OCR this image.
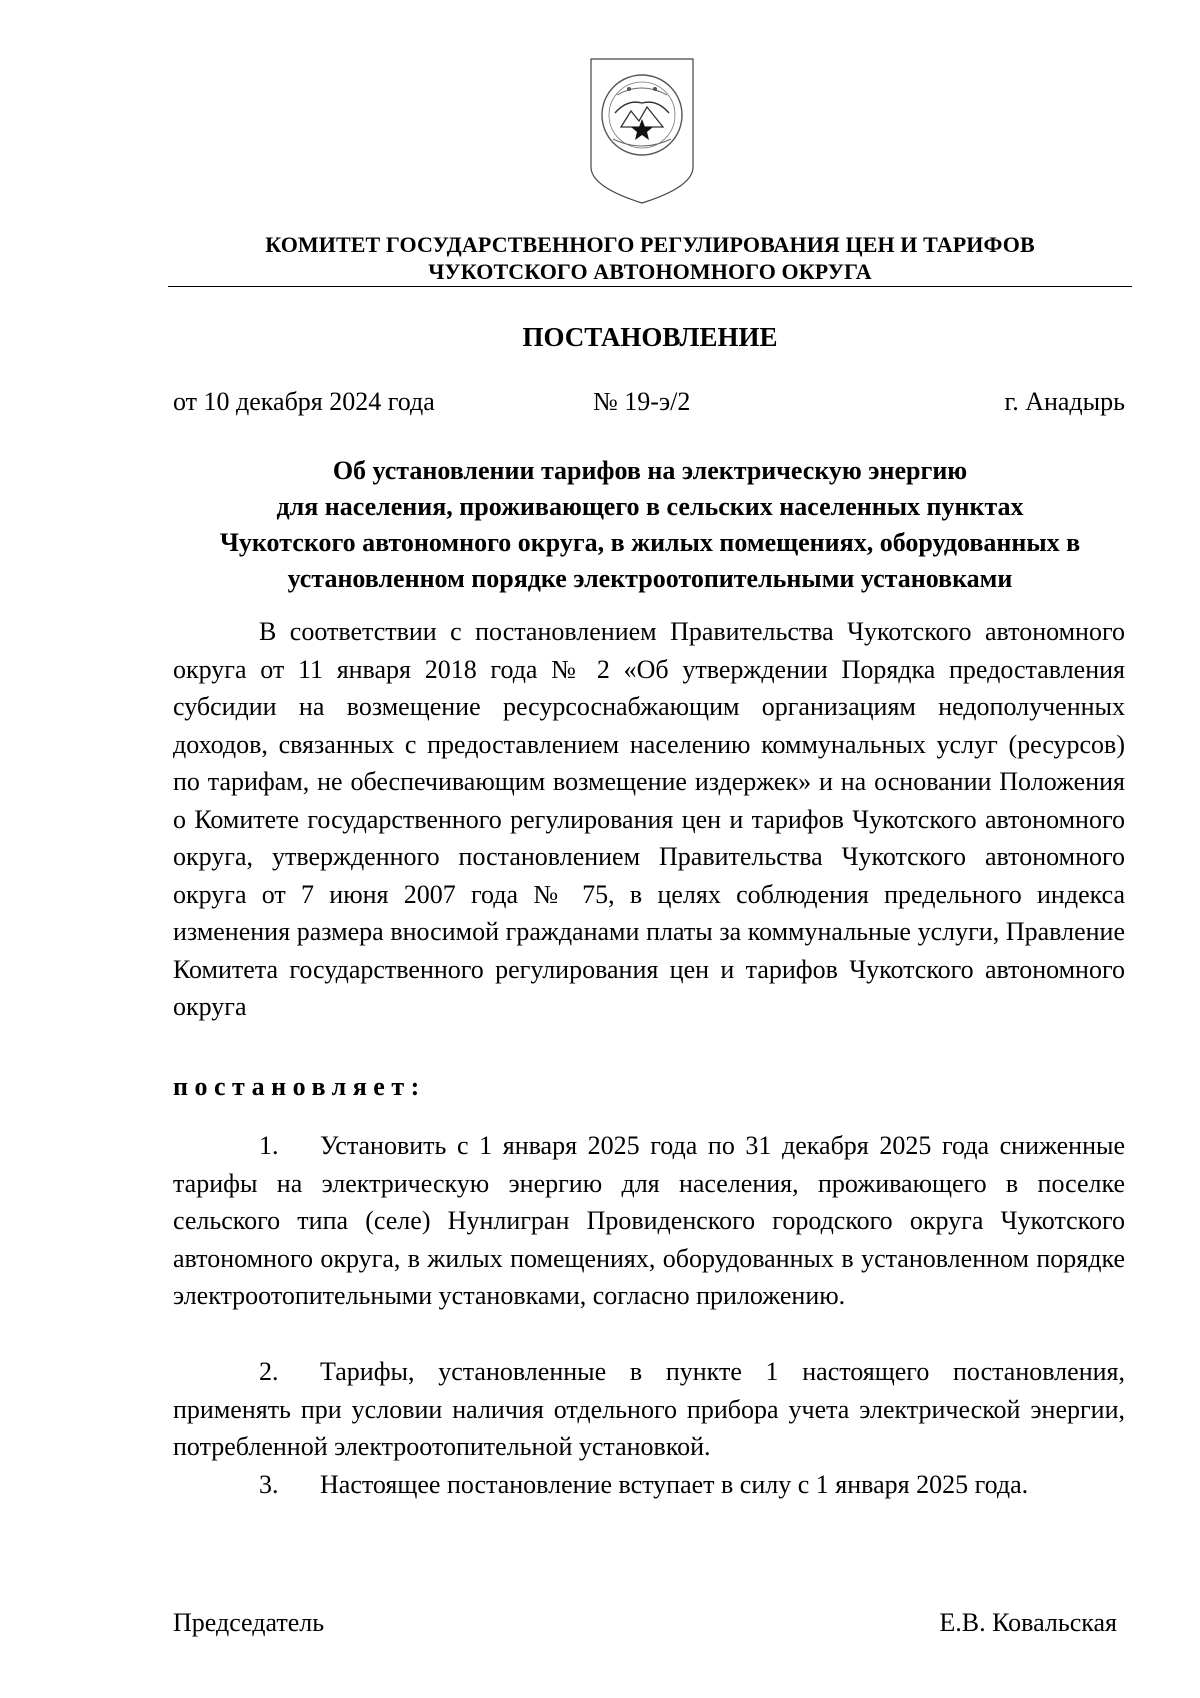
КОМИТЕТ ГОСУДАРСТВЕННОГО РЕГУЛИРОВАНИЯ ЦЕН И ТАРИФОВ
ЧУКОТСКОГО АВТОНОМНОГО ОКРУГА
ПОСТАНОВЛЕНИЕ
от 10 декабря 2024 года	№ 19-э/2	г. Анадырь
Об установлении тарифов на электрическую энергию
для населения, проживающего в сельских населенных пунктах
Чукотского автономного округа, в жилых помещениях, оборудованных в
установленном порядке электроотопительными установками

В соответствии с постановлением Правительства Чукотского автономного округа от 11 января 2018 года № 2 «Об утверждении Порядка предоставления субсидии на возмещение ресурсоснабжающим организациям недополученных доходов, связанных с предоставлением населению коммунальных услуг (ресурсов) по тарифам, не обеспечивающим возмещение издержек» и на основании Положения о Комитете государственного регулирования цен и тарифов Чукотского автономного округа, утвержденного постановлением Правительства Чукотского автономного округа от 7 июня 2007 года № 75, в целях соблюдения предельного индекса изменения размера вносимой гражданами платы за коммунальные услуги, Правление Комитета государственного регулирования цен и тарифов Чукотского автономного округа

постановляет:

1. Установить с 1 января 2025 года по 31 декабря 2025 года сниженные тарифы на электрическую энергию для населения, проживающего в поселке сельского типа (селе) Нунлигран Провиденского городского округа Чукотского автономного округа, в жилых помещениях, оборудованных в установленном порядке электроотопительными установками, согласно приложению.

2. Тарифы, установленные в пункте 1 настоящего постановления, применять при условии наличия отдельного прибора учета электрической энергии, потребленной электроотопительной установкой.

3. Настоящее постановление вступает в силу с 1 января 2025 года.

Председатель	Е.В. Ковальская
